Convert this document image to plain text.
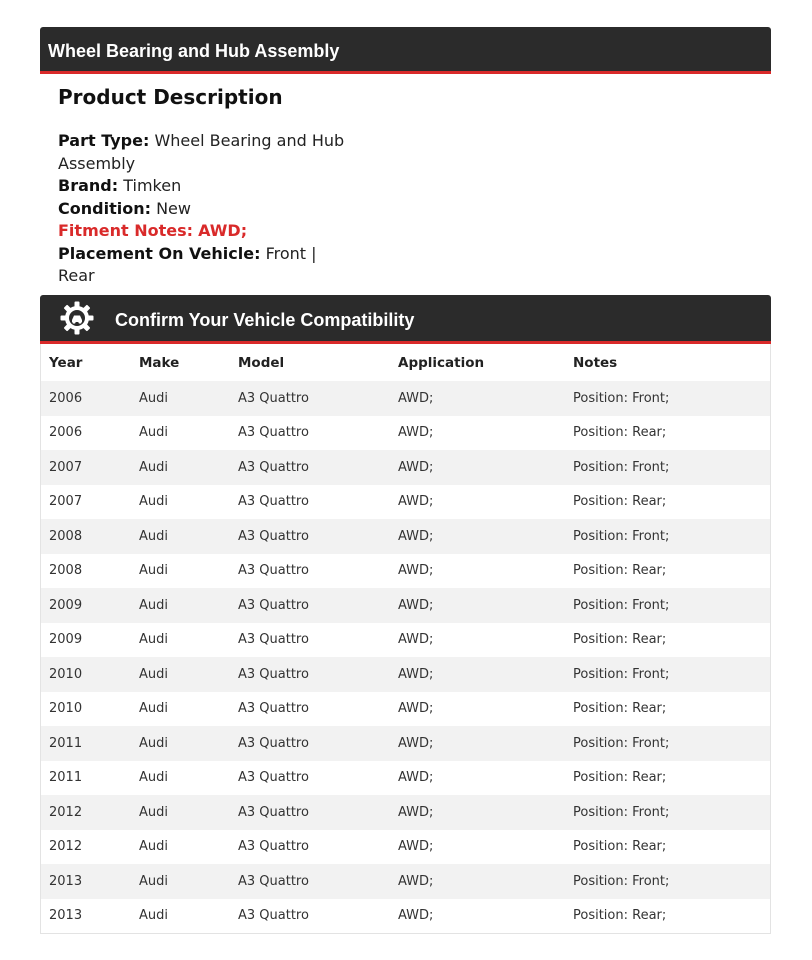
Wheel Bearing and Hub Assembly
Product Description
Part Type: Wheel Bearing and Hub Assembly
Brand: Timken
Condition: New
Fitment Notes: AWD;
Placement On Vehicle: Front | Rear
Confirm Your Vehicle Compatibility
Year	Make	Model	Application	Notes
2006	Audi	A3 Quattro	AWD;	Position: Front;
2006	Audi	A3 Quattro	AWD;	Position: Rear;
2007	Audi	A3 Quattro	AWD;	Position: Front;
2007	Audi	A3 Quattro	AWD;	Position: Rear;
2008	Audi	A3 Quattro	AWD;	Position: Front;
2008	Audi	A3 Quattro	AWD;	Position: Rear;
2009	Audi	A3 Quattro	AWD;	Position: Front;
2009	Audi	A3 Quattro	AWD;	Position: Rear;
2010	Audi	A3 Quattro	AWD;	Position: Front;
2010	Audi	A3 Quattro	AWD;	Position: Rear;
2011	Audi	A3 Quattro	AWD;	Position: Front;
2011	Audi	A3 Quattro	AWD;	Position: Rear;
2012	Audi	A3 Quattro	AWD;	Position: Front;
2012	Audi	A3 Quattro	AWD;	Position: Rear;
2013	Audi	A3 Quattro	AWD;	Position: Front;
2013	Audi	A3 Quattro	AWD;	Position: Rear;
